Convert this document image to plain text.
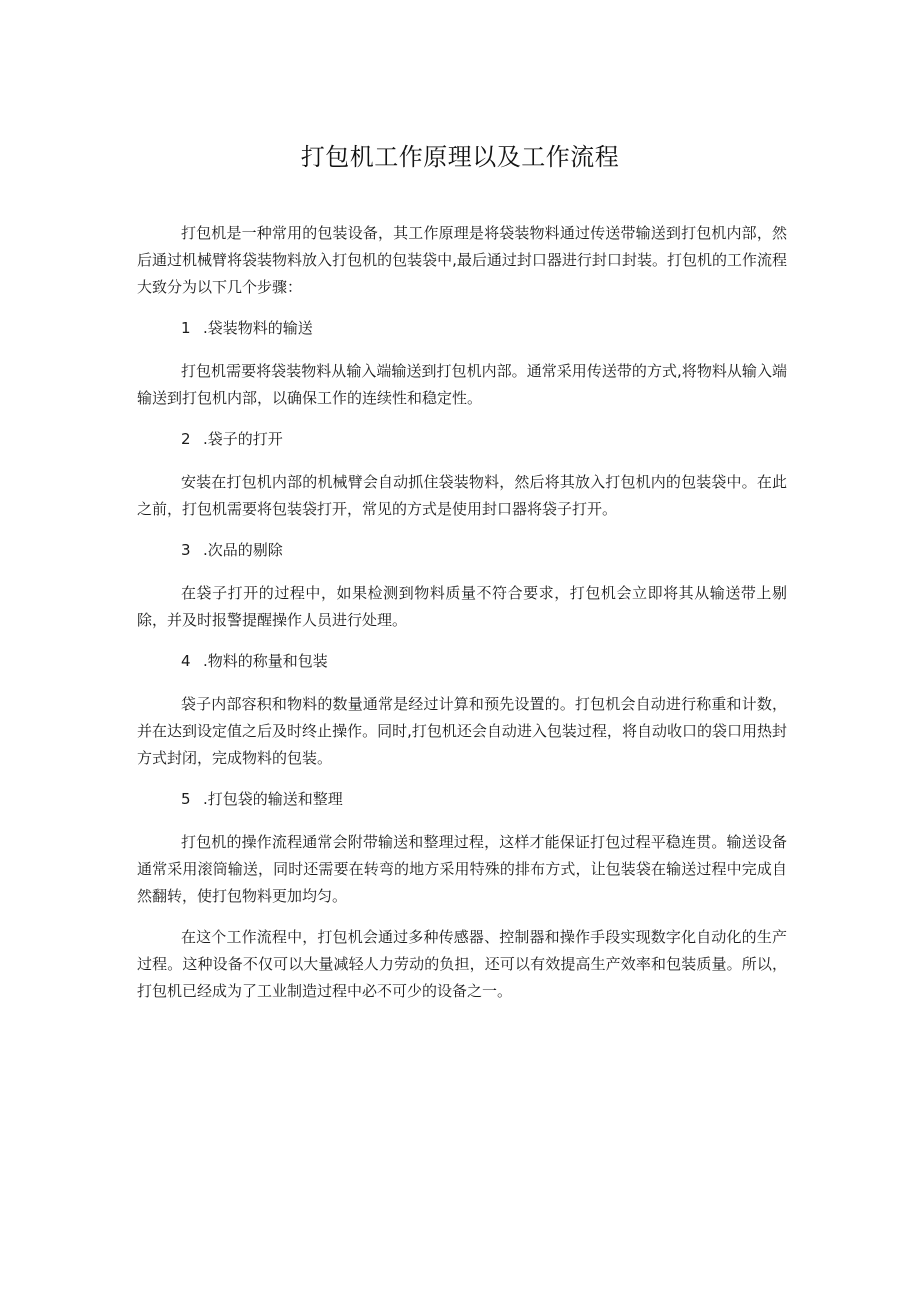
打包机工作原理以及工作流程

打包机是一种常用的包装设备，其工作原理是将袋装物料通过传送带输送到打包机内部，然后通过机械臂将袋装物料放入打包机的包装袋中,最后通过封口器进行封口封装。打包机的工作流程大致分为以下几个步骤：

1 .袋装物料的输送

打包机需要将袋装物料从输入端输送到打包机内部。通常采用传送带的方式,将物料从输入端输送到打包机内部，以确保工作的连续性和稳定性。

2 .袋子的打开

安装在打包机内部的机械臂会自动抓住袋装物料，然后将其放入打包机内的包装袋中。在此之前，打包机需要将包装袋打开，常见的方式是使用封口器将袋子打开。

3 .次品的剔除

在袋子打开的过程中，如果检测到物料质量不符合要求，打包机会立即将其从输送带上剔除，并及时报警提醒操作人员进行处理。

4 .物料的称量和包装

袋子内部容积和物料的数量通常是经过计算和预先设置的。打包机会自动进行称重和计数，并在达到设定值之后及时终止操作。同时,打包机还会自动进入包装过程，将自动收口的袋口用热封方式封闭，完成物料的包装。

5 .打包袋的输送和整理

打包机的操作流程通常会附带输送和整理过程，这样才能保证打包过程平稳连贯。输送设备通常采用滚筒输送，同时还需要在转弯的地方采用特殊的排布方式，让包装袋在输送过程中完成自然翻转，使打包物料更加均匀。

在这个工作流程中，打包机会通过多种传感器、控制器和操作手段实现数字化自动化的生产过程。这种设备不仅可以大量减轻人力劳动的负担，还可以有效提高生产效率和包装质量。所以，打包机已经成为了工业制造过程中必不可少的设备之一。
